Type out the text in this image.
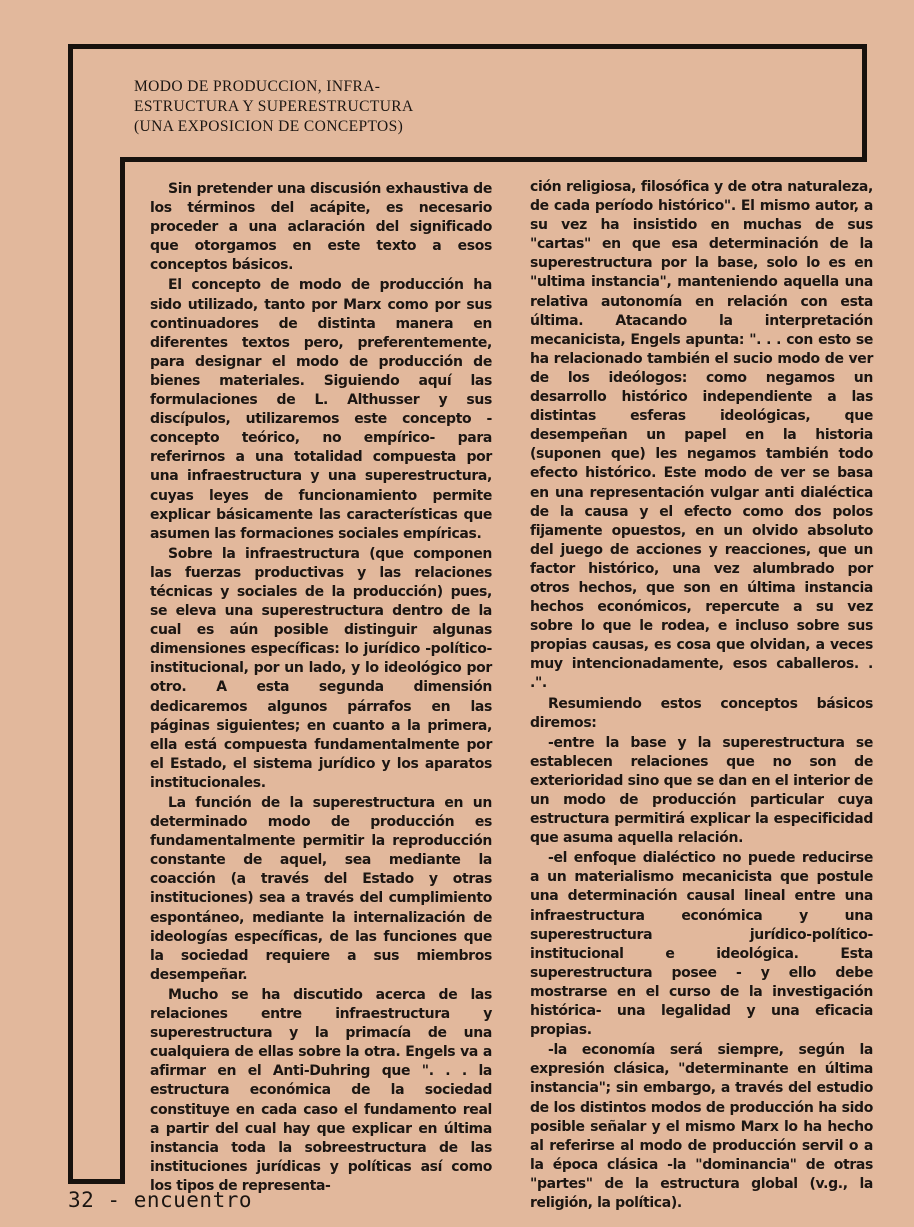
MODO DE PRODUCCION, INFRA-
ESTRUCTURA Y SUPERESTRUCTURA
(UNA EXPOSICION DE CONCEPTOS)

Sin pretender una discusión exhaustiva de los términos del acápite, es necesario proceder a una aclaración del significado que otorgamos en este texto a esos conceptos básicos.

El concepto de modo de producción ha sido utilizado, tanto por Marx como por sus continuadores de distinta manera en diferentes textos pero, preferentemente, para designar el modo de producción de bienes materiales. Siguiendo aquí las formulaciones de L. Althusser y sus discípulos, utilizaremos este concepto -concepto teórico, no empírico- para referirnos a una totalidad compuesta por una infraestructura y una superestructura, cuyas leyes de funcionamiento permite explicar básicamente las características que asumen las formaciones sociales empíricas.

Sobre la infraestructura (que componen las fuerzas productivas y las relaciones técnicas y sociales de la producción) pues, se eleva una superestructura dentro de la cual es aún posible distinguir algunas dimensiones específicas: lo jurídico -político- institucional, por un lado, y lo ideológico por otro. A esta segunda dimensión dedicaremos algunos párrafos en las páginas siguientes; en cuanto a la primera, ella está compuesta fundamentalmente por el Estado, el sistema jurídico y los aparatos institucionales.

La función de la superestructura en un determinado modo de producción es fundamentalmente permitir la reproducción constante de aquel, sea mediante la coacción (a través del Estado y otras instituciones) sea a través del cumplimiento espontáneo, mediante la internalización de ideologías específicas, de las funciones que la sociedad requiere a sus miembros desempeñar.

Mucho se ha discutido acerca de las relaciones entre infraestructura y superestructura y la primacía de una cualquiera de ellas sobre la otra. Engels va a afirmar en el Anti-Duhring que ". . . la estructura económica de la sociedad constituye en cada caso el fundamento real a partir del cual hay que explicar en última instancia toda la sobreestructura de las instituciones jurídicas y políticas así como los tipos de representa-

ción religiosa, filosófica y de otra naturaleza, de cada período histórico". El mismo autor, a su vez ha insistido en muchas de sus "cartas" en que esa determinación de la superestructura por la base, solo lo es en "ultima instancia", manteniendo aquella una relativa autonomía en relación con esta última. Atacando la interpretación mecanicista, Engels apunta: ". . . con esto se ha relacionado también el sucio modo de ver de los ideólogos: como negamos un desarrollo histórico independiente a las distintas esferas ideológicas, que desempeñan un papel en la historia (suponen que) les negamos también todo efecto histórico. Este modo de ver se basa en una representación vulgar anti dialéctica de la causa y el efecto como dos polos fijamente opuestos, en un olvido absoluto del juego de acciones y reacciones, que un factor histórico, una vez alumbrado por otros hechos, que son en última instancia hechos económicos, repercute a su vez sobre lo que le rodea, e incluso sobre sus propias causas, es cosa que olvidan, a veces muy intencionadamente, esos caballeros. . .".

Resumiendo estos conceptos básicos diremos:

-entre la base y la superestructura se establecen relaciones que no son de exterioridad sino que se dan en el interior de un modo de producción particular cuya estructura permitirá explicar la especificidad que asuma aquella relación.

-el enfoque dialéctico no puede reducirse a un materialismo mecanicista que postule una determinación causal lineal entre una infraestructura económica y una superestructura jurídico-político-institucional e ideológica. Esta superestructura posee - y ello debe mostrarse en el curso de la investigación histórica- una legalidad y una eficacia propias.

-la economía será siempre, según la expresión clásica, "determinante en última instancia"; sin embargo, a través del estudio de los distintos modos de producción ha sido posible señalar y el mismo Marx lo ha hecho al referirse al modo de producción servil o a la época clásica -la "dominancia" de otras "partes" de la estructura global (v.g., la religión, la política).

32 - encuentro
